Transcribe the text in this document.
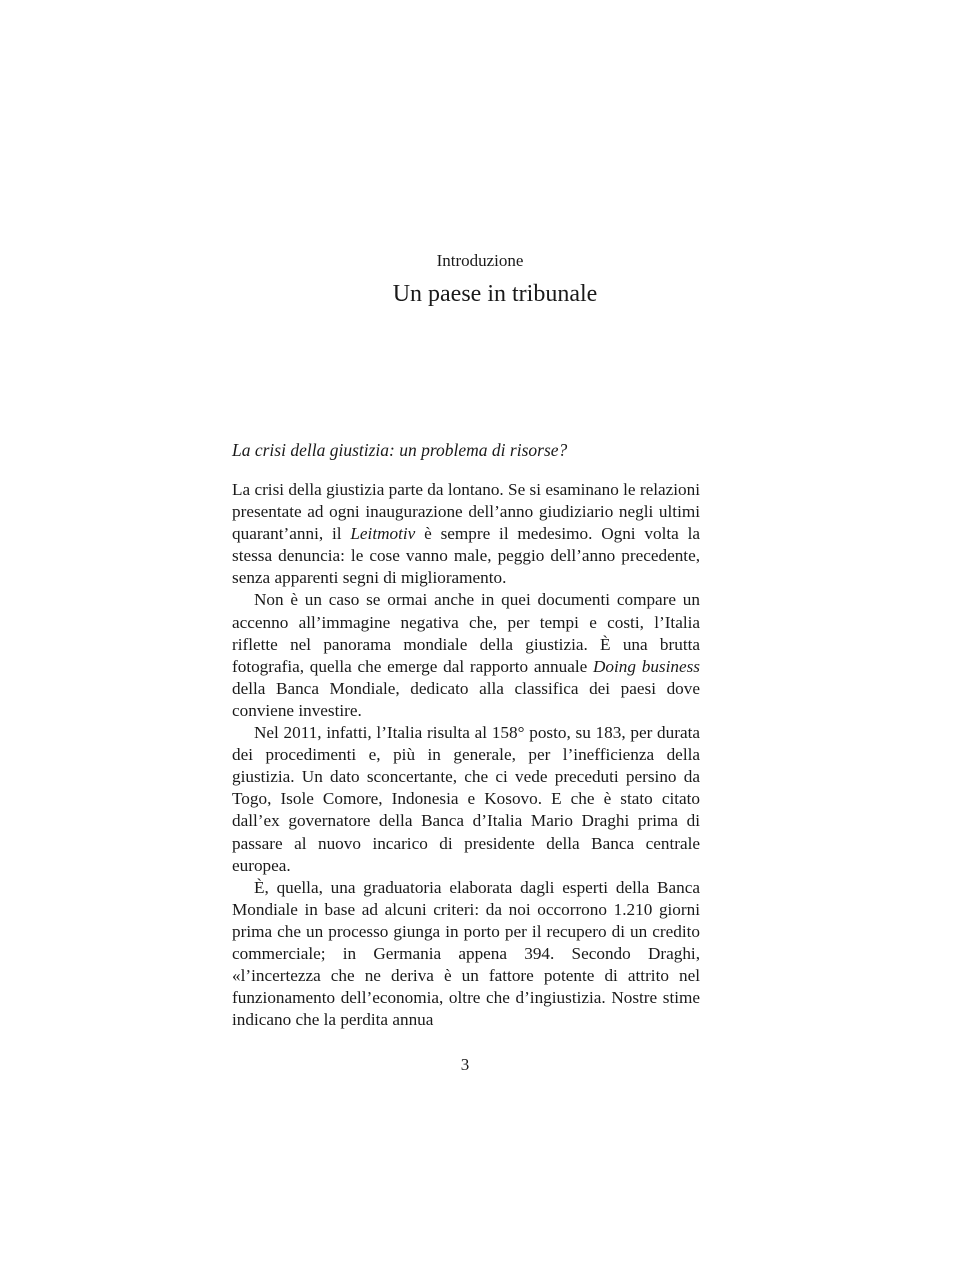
Introduzione
Un paese in tribunale
La crisi della giustizia: un problema di risorse?

La crisi della giustizia parte da lontano. Se si esaminano le relazioni presentate ad ogni inaugurazione dell’anno giudiziario negli ultimi quarant’anni, il Leitmotiv è sempre il medesimo. Ogni volta la stessa denuncia: le cose vanno male, peggio dell’anno precedente, senza apparenti segni di miglioramento.

Non è un caso se ormai anche in quei documenti compare un accenno all’immagine negativa che, per tempi e costi, l’Italia riflette nel panorama mondiale della giustizia. È una brutta fotografia, quella che emerge dal rapporto annuale Doing business della Banca Mondiale, dedicato alla classifica dei paesi dove conviene investire.

Nel 2011, infatti, l’Italia risulta al 158° posto, su 183, per durata dei procedimenti e, più in generale, per l’inefficienza della giustizia. Un dato sconcertante, che ci vede preceduti persino da Togo, Isole Comore, Indonesia e Kosovo. E che è stato citato dall’ex governatore della Banca d’Italia Mario Draghi prima di passare al nuovo incarico di presidente della Banca centrale europea.

È, quella, una graduatoria elaborata dagli esperti della Banca Mondiale in base ad alcuni criteri: da noi occorrono 1.210 giorni prima che un processo giunga in porto per il recupero di un credito commerciale; in Germania appena 394. Secondo Draghi, «l’incertezza che ne deriva è un fattore potente di attrito nel funzionamento dell’economia, oltre che d’ingiustizia. Nostre stime indicano che la perdita annua

3
